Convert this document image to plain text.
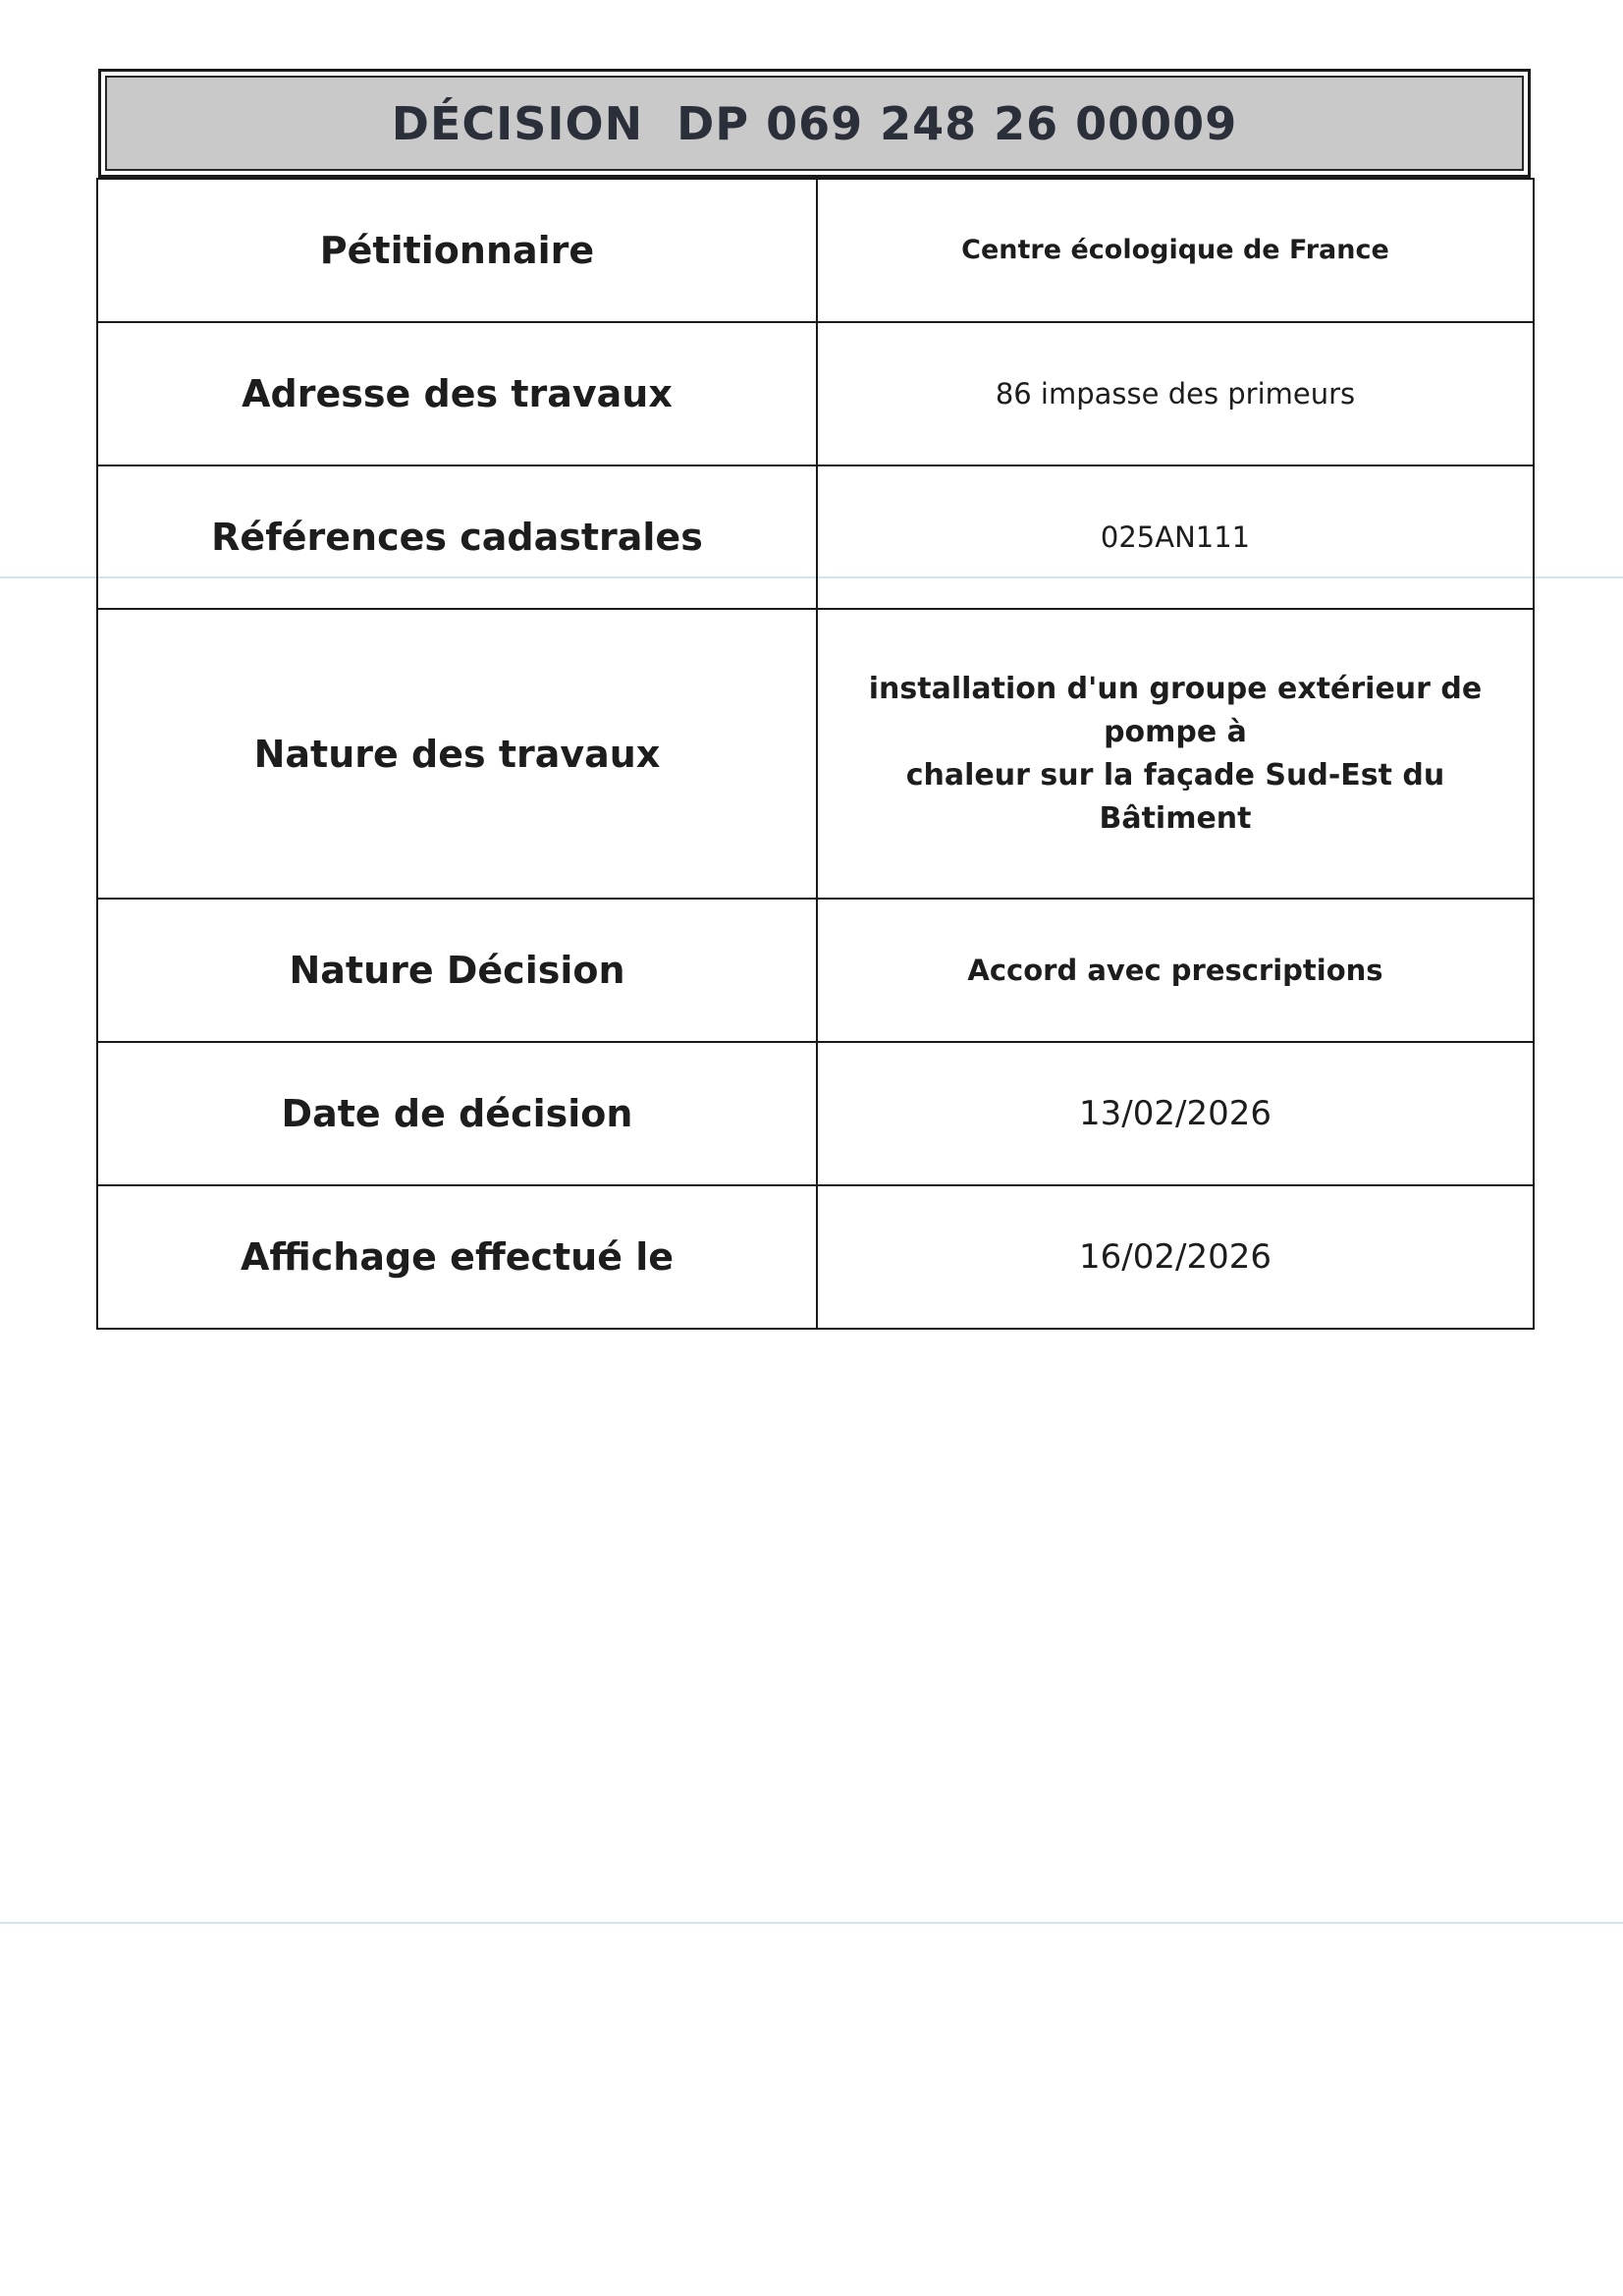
DÉCISION  DP 069 248 26 00009
Pétitionnaire	Centre écologique de France
Adresse des travaux	86 impasse des primeurs
Références cadastrales	025AN111
Nature des travaux	installation d'un groupe extérieur de pompe à
chaleur sur la façade Sud-Est du Bâtiment

Nature Décision	Accord avec prescriptions
Date de décision	13/02/2026
Affichage effectué le	16/02/2026
